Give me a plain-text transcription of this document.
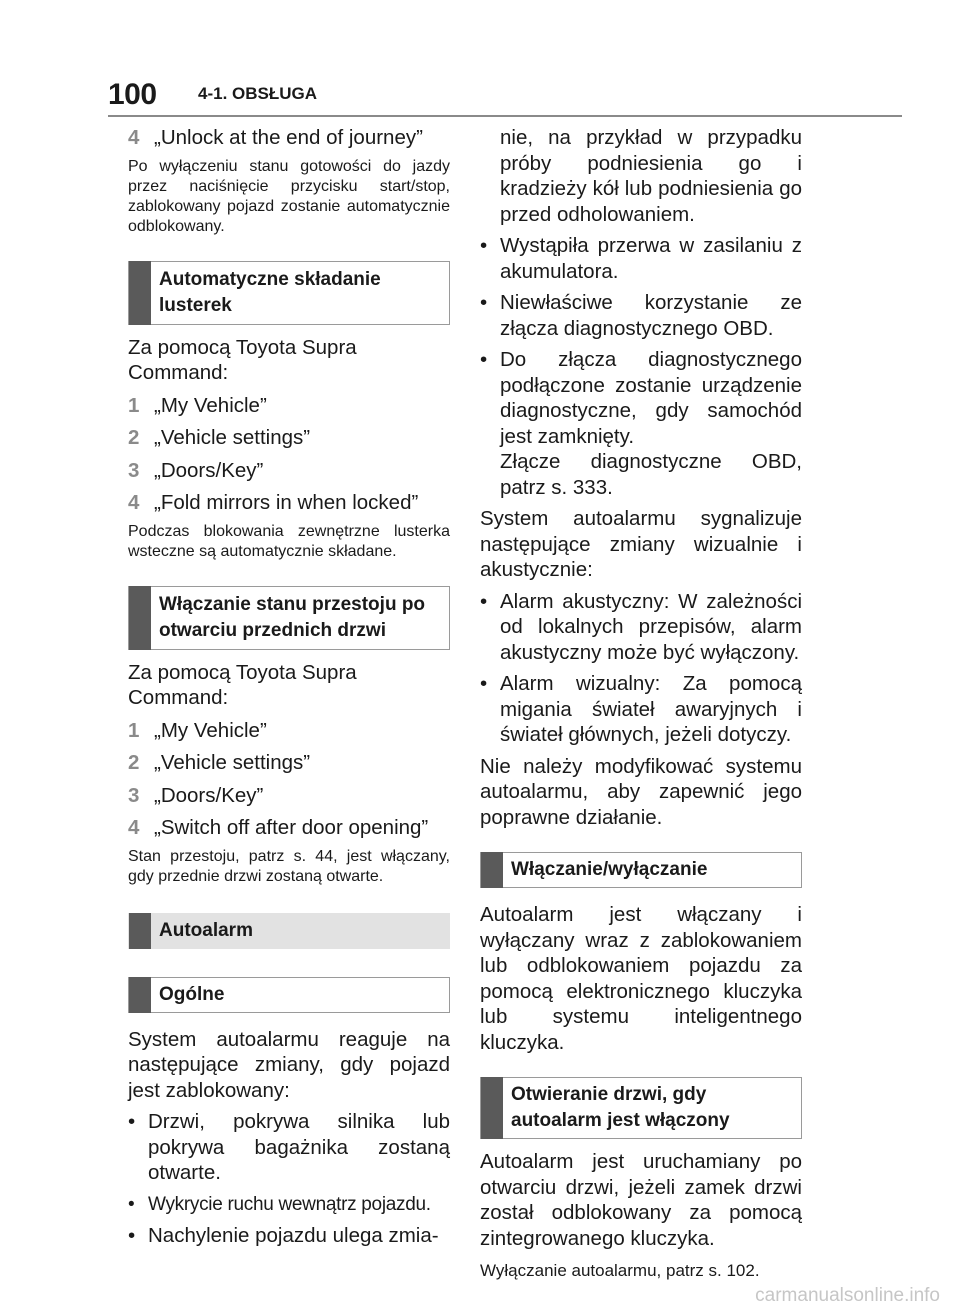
100 4-1. OBSŁUGA
4 „Unlock at the end of journey”

Po wyłączeniu stanu gotowości do jazdy przez naciśnięcie przycisku start/stop, zablokowany pojazd zostanie automatycznie odblokowany.

Automatyczne składanie lusterek

Za pomocą Toyota Supra Command:

1 „My Vehicle”
2 „Vehicle settings”
3 „Doors/Key”
4 „Fold mirrors in when locked”

Podczas blokowania zewnętrzne lusterka wsteczne są automatycznie składane.

Włączanie stanu przestoju po otwarciu przednich drzwi

Za pomocą Toyota Supra Command:

1 „My Vehicle”
2 „Vehicle settings”
3 „Doors/Key”
4 „Switch off after door opening”

Stan przestoju, patrz s. 44, jest włączany, gdy przednie drzwi zostaną otwarte.

Autoalarm
Ogólne

System autoalarmu reaguje na następujące zmiany, gdy pojazd jest zablokowany:

• Drzwi, pokrywa silnika lub pokrywa bagażnika zostaną otwarte.
• Wykrycie ruchu wewnątrz pojazdu.
• Nachylenie pojazdu ulega zmia-

nie, na przykład w przypadku próby podniesienia go i kradzieży kół lub podniesienia go przed odholowaniem.

• Wystąpiła przerwa w zasilaniu z akumulatora.
• Niewłaściwe korzystanie ze złącza diagnostycznego OBD.
• Do złącza diagnostycznego podłączone zostanie urządzenie diagnostyczne, gdy samochód jest zamknięty.

Złącze diagnostyczne OBD, patrz s. 333.

System autoalarmu sygnalizuje następujące zmiany wizualnie i akustycznie:

• Alarm akustyczny: W zależności od lokalnych przepisów, alarm akustyczny może być wyłączony.
• Alarm wizualny: Za pomocą migania świateł awaryjnych i świateł głównych, jeżeli dotyczy.

Nie należy modyfikować systemu autoalarmu, aby zapewnić jego poprawne działanie.

Włączanie/wyłączanie

Autoalarm jest włączany i wyłączany wraz z zablokowaniem lub odblokowaniem pojazdu za pomocą elektronicznego kluczyka lub systemu inteligentnego kluczyka.

Otwieranie drzwi, gdy autoalarm jest włączony

Autoalarm jest uruchamiany po otwarciu drzwi, jeżeli zamek drzwi został odblokowany za pomocą zintegrowanego kluczyka.

Wyłączanie autoalarmu, patrz s. 102.

carmanualsonline.info
